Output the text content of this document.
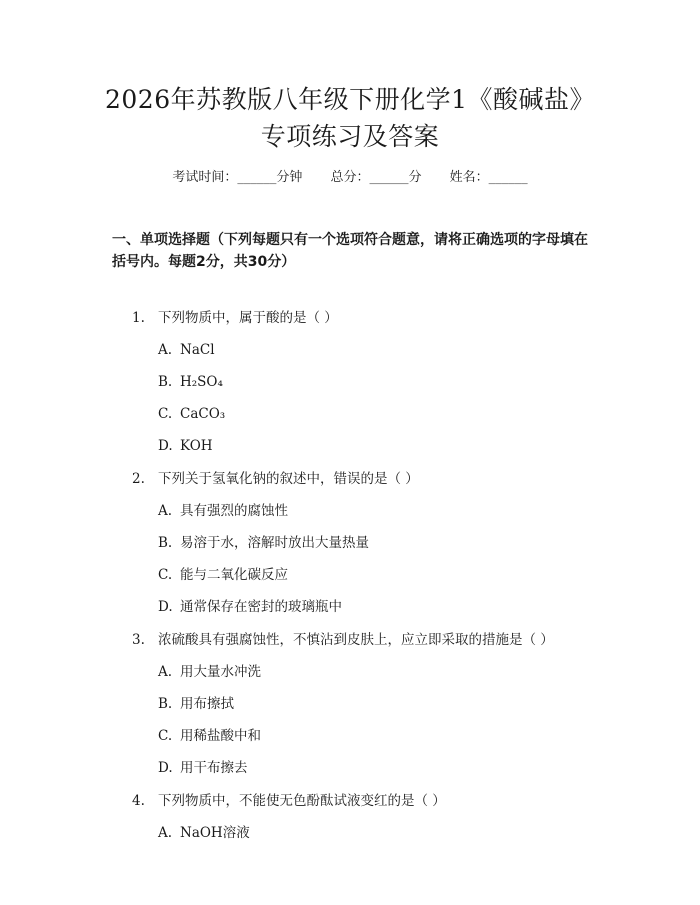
2026年苏教版八年级下册化学1《酸碱盐》
专项练习及答案
考试时间：______分钟 总分：______分 姓名：______
一、单项选择题（下列每题只有一个选项符合题意，请将正确选项的字母填在括号内。每题2分，共30分）
1. 下列物质中，属于酸的是（ ）
A. NaCl
B. H₂SO₄
C. CaCO₃
D. KOH
2. 下列关于氢氧化钠的叙述中，错误的是（ ）
A. 具有强烈的腐蚀性
B. 易溶于水，溶解时放出大量热量
C. 能与二氧化碳反应
D. 通常保存在密封的玻璃瓶中
3. 浓硫酸具有强腐蚀性，不慎沾到皮肤上，应立即采取的措施是（ ）
A. 用大量水冲洗
B. 用布擦拭
C. 用稀盐酸中和
D. 用干布擦去
4. 下列物质中，不能使无色酚酞试液变红的是（ ）
A. NaOH溶液
